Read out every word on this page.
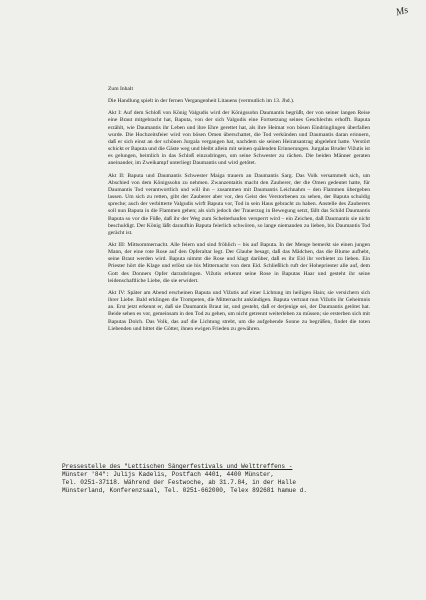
Ms

Zum Inhalt

Die Handlung spielt in der fernen Vergangenheit Litauens (vermutlich im 13. Jhd.).

Akt I: Auf dem Schloß von König Valgudis wird der Königssohn Daumantis begrüßt, der von seiner langen Reise eine Braut mitgebracht hat, Baputa, von der sich Valgudis eine Fortsetzung seines Geschlechts erhofft. Baputa erzählt, wie Daumantis ihr Leben und ihre Ehre gerettet hat, als ihre Heimat von bösen Eindringlingen überfallen wurde. Die Hochzeitsfeier wird von bösen Omen überschattet, die Tod verkünden und Daumantis daran erinnern, daß er sich einst an der schönen Jurgala vergangen hat, nachdem sie seinen Heiratsantrag abgelehnt hatte. Verstört schickt er Baputa und die Gäste weg und bleibt allein mit seinen quälenden Erinnerungen. Jurgalas Bruder Vižutis ist es gelungen, heimlich in das Schloß einzudringen, um seine Schwester zu rächen. Die beiden Männer geraten aneinander, im Zweikampf unterliegt Daumantis und wird getötet.

Akt II: Baputa und Daumantis Schwester Maiga trauern an Daumantis Sarg. Das Volk versammelt sich, um Abschied von dem Königssohn zu nehmen. Zwanzentaitis macht den Zauberer, der die Omen gedeutet hatte, für Daumantis Tod verantwortlich und will ihn – zusammen mit Daumantis Leichnahm – den Flammen übergeben lassen. Um sich zu retten, gibt der Zauberer aber vor, den Geist des Verstorbenen zu sehen, der Baputa schuldig spreche; auch der verbitterte Valgudis wirft Baputa vor, Tod in sein Haus gebracht zu haben. Anstelle des Zauberers soll nun Baputa in die Flammen gehen; als sich jedoch der Trauerzug in Bewegung setzt, fällt das Schild Daumantis Baputa so vor die Füße, daß ihr der Weg zum Scheiterhaufen versperrt wird – ein Zeichen, daß Daumantis sie nicht beschuldigt. Der König läßt daraufhin Baputa feierlich schwören, so lange niemanden zu lieben, bis Daumantis Tod gerächt ist.

Akt III: Mittsommernacht. Alle feiern und sind fröhlich – bis auf Baputa. In der Menge bemerkt sie einen jungen Mann, der eine rote Rose auf den Opferaltar legt. Der Glaube besagt, daß das Mädchen, das die Blume aufhebt, seine Braut werden wird. Baputa nimmt die Rose und klagt darüber, daß es ihr Eid ihr verbietet zu lieben. Ein Priester hört die Klage und erlöst sie bis Mitternacht von dem Eid. Schließlich ruft der Hohepriester alle auf, dem Gott des Donners Opfer darzubringen. Vižutis erkennt seine Rose in Baputas Haar und gesteht ihr seine leidenschaftliche Liebe, die sie erwidert.

Akt IV: Später am Abend erscheinen Baputa und Vižutis auf einer Lichtung im heiligen Hain; sie versichern sich ihrer Liebe. Bald erklingen die Trompeten, die Mitternacht ankündigen. Baputa vertraut nun Vižutis ihr Geheimnis an. Erst jetzt erkennt er, daß sie Daumantis Braut ist, und gesteht, daß er derjenige sei, der Daumantis getötet hat. Beide sehen es vor, gemeinsam in den Tod zu gehen, um nicht getrennt weiterleben zu müssen; sie ersterben sich mit Baputas Dolch. Das Volk, das auf die Lichtung strebt, um die aufgehende Sonne zu begrüßen, findet die toten Liebenden und bittet die Götter, ihnen ewigen Frieden zu gewähren.

Pressestelle des "Lettischen Sängerfestivals und Welttreffens -
Münster '84": Julijs Kadelis, Postfach 4401, 4400 Münster,
Tel. 0251-37118. Während der Festwoche, ab 31.7.84, in der Halle
Münsterland, Konferenzsaal, Tel. 0251-662000, Telex 892681 hamue d.
